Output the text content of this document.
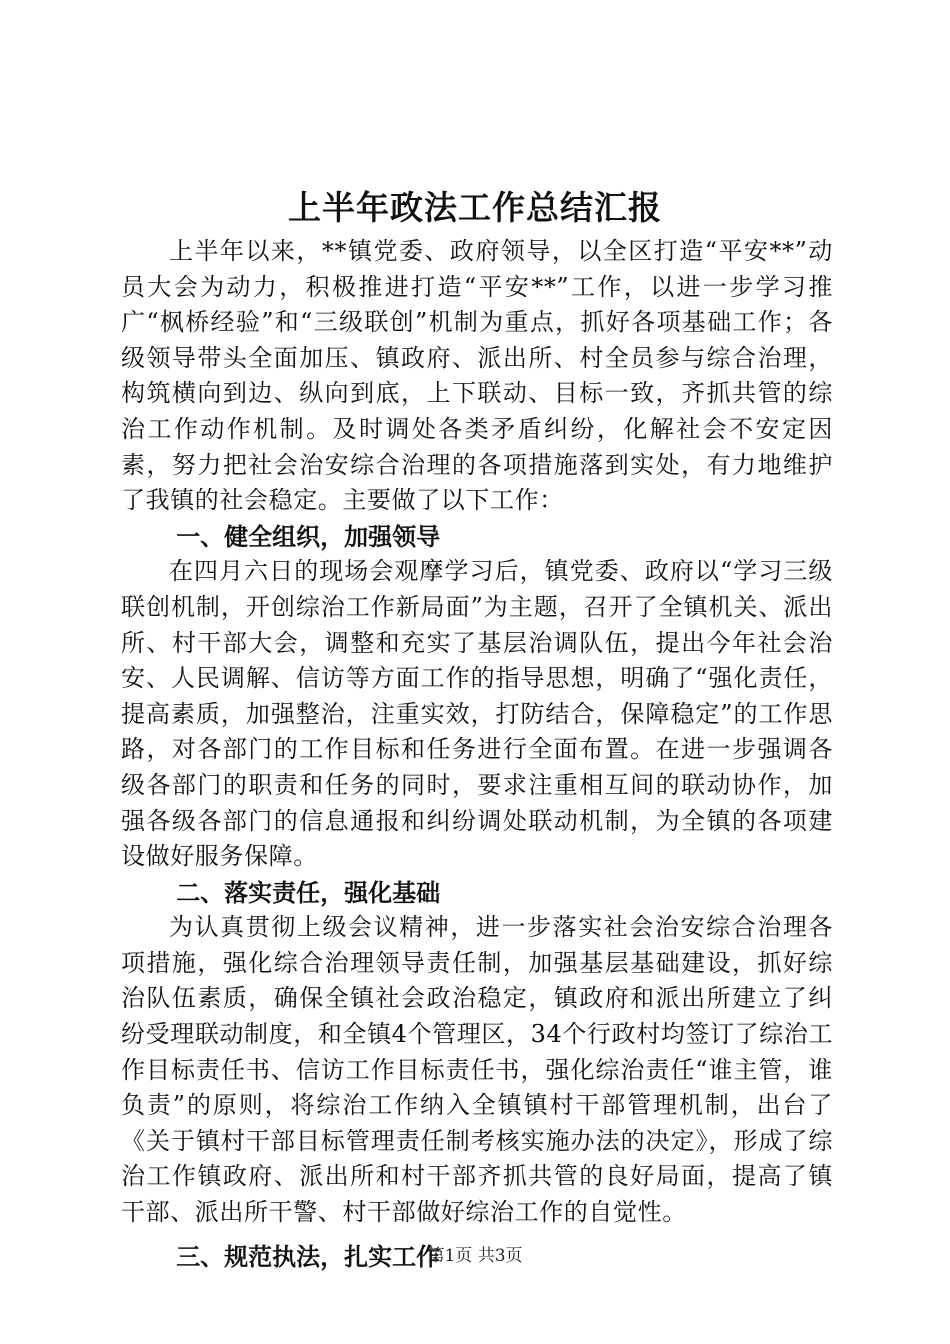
上半年政法工作总结汇报

上半年以来，**镇党委、政府领导，以全区打造“平安**”动员大会为动力，积极推进打造“平安**”工作，以进一步学习推广“枫桥经验”和“三级联创”机制为重点，抓好各项基础工作；各级领导带头全面加压、镇政府、派出所、村全员参与综合治理，构筑横向到边、纵向到底，上下联动、目标一致，齐抓共管的综治工作动作机制。及时调处各类矛盾纠纷，化解社会不安定因素，努力把社会治安综合治理的各项措施落到实处，有力地维护了我镇的社会稳定。主要做了以下工作：

一、健全组织，加强领导

在四月六日的现场会观摩学习后，镇党委、政府以“学习三级联创机制，开创综治工作新局面”为主题，召开了全镇机关、派出所、村干部大会，调整和充实了基层治调队伍，提出今年社会治安、人民调解、信访等方面工作的指导思想，明确了“强化责任，提高素质，加强整治，注重实效，打防结合，保障稳定”的工作思路，对各部门的工作目标和任务进行全面布置。在进一步强调各级各部门的职责和任务的同时，要求注重相互间的联动协作，加强各级各部门的信息通报和纠纷调处联动机制，为全镇的各项建设做好服务保障。

二、落实责任，强化基础

为认真贯彻上级会议精神，进一步落实社会治安综合治理各项措施，强化综合治理领导责任制，加强基层基础建设，抓好综治队伍素质，确保全镇社会政治稳定，镇政府和派出所建立了纠纷受理联动制度，和全镇4个管理区，34个行政村均签订了综治工作目标责任书、信访工作目标责任书，强化综治责任“谁主管，谁负责”的原则，将综治工作纳入全镇镇村干部管理机制，出台了《关于镇村干部目标管理责任制考核实施办法的决定》，形成了综治工作镇政府、派出所和村干部齐抓共管的良好局面，提高了镇干部、派出所干警、村干部做好综治工作的自觉性。

三、规范执法，扎实工作

第1页 共3页
